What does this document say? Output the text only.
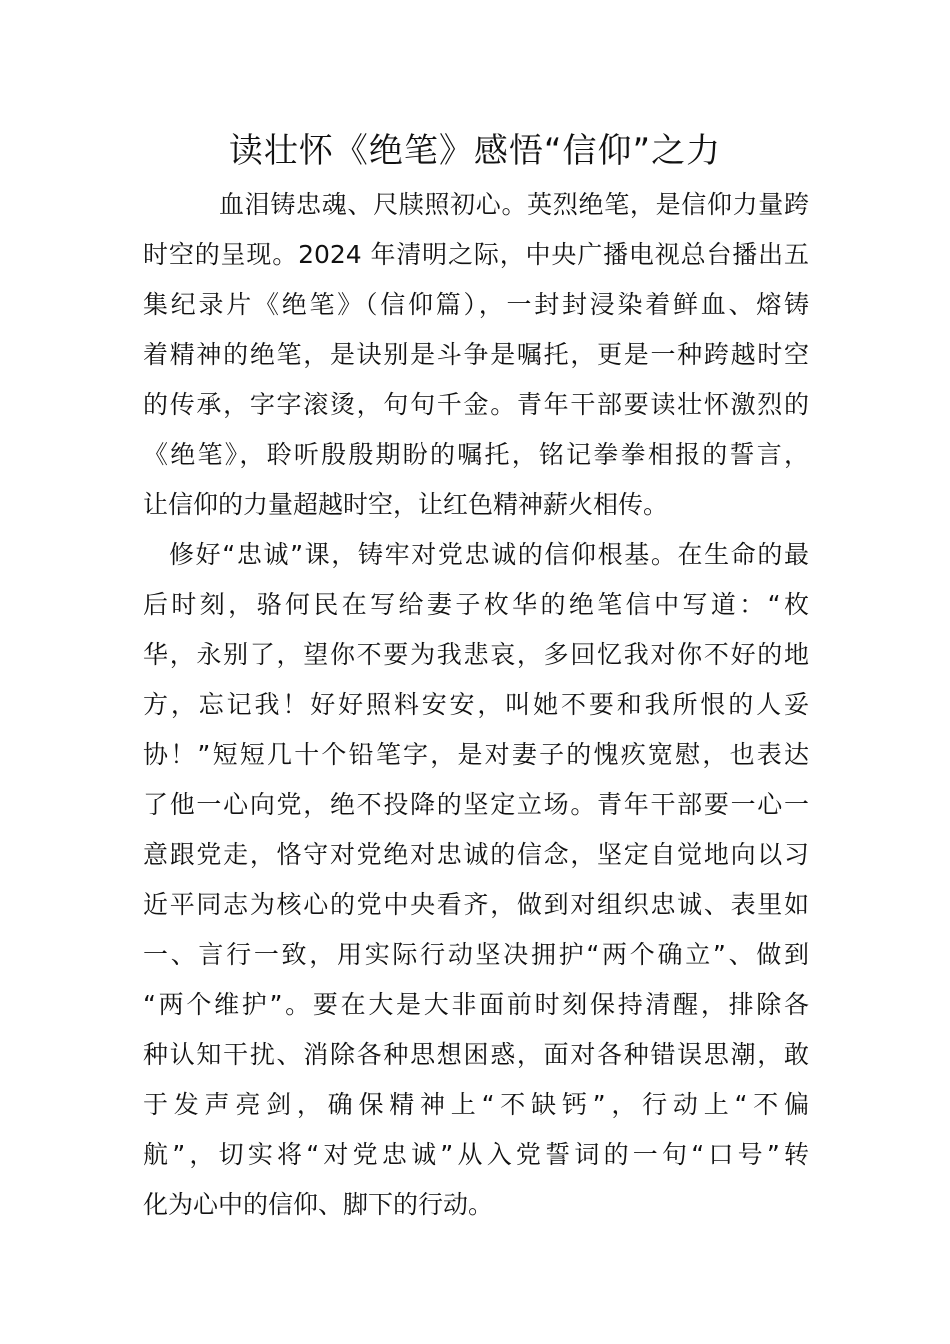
读壮怀《绝笔》感悟“信仰”之力
血泪铸忠魂、尺牍照初心。英烈绝笔，是信仰力量跨
时空的呈现。2024 年清明之际，中央广播电视总台播出五
集纪录片《绝笔》（信仰篇），一封封浸染着鲜血、熔铸
着精神的绝笔，是诀别是斗争是嘱托，更是一种跨越时空
的传承，字字滚烫，句句千金。青年干部要读壮怀激烈的
《绝笔》，聆听殷殷期盼的嘱托，铭记拳拳相报的誓言，
让信仰的力量超越时空，让红色精神薪火相传。
修好“忠诚”课，铸牢对党忠诚的信仰根基。在生命的最
后时刻，骆何民在写给妻子枚华的绝笔信中写道：“枚
华，永别了，望你不要为我悲哀，多回忆我对你不好的地
方，忘记我！好好照料安安，叫她不要和我所恨的人妥
协！”短短几十个铅笔字，是对妻子的愧疚宽慰，也表达
了他一心向党，绝不投降的坚定立场。青年干部要一心一
意跟党走，恪守对党绝对忠诚的信念，坚定自觉地向以习
近平同志为核心的党中央看齐，做到对组织忠诚、表里如
一、言行一致，用实际行动坚决拥护“两个确立”、做到
“两个维护”。要在大是大非面前时刻保持清醒，排除各
种认知干扰、消除各种思想困惑，面对各种错误思潮，敢
于发声亮剑，确保精神上“不缺钙”，行动上“不偏
航”，切实将“对党忠诚”从入党誓词的一句“口号”转
化为心中的信仰、脚下的行动。
